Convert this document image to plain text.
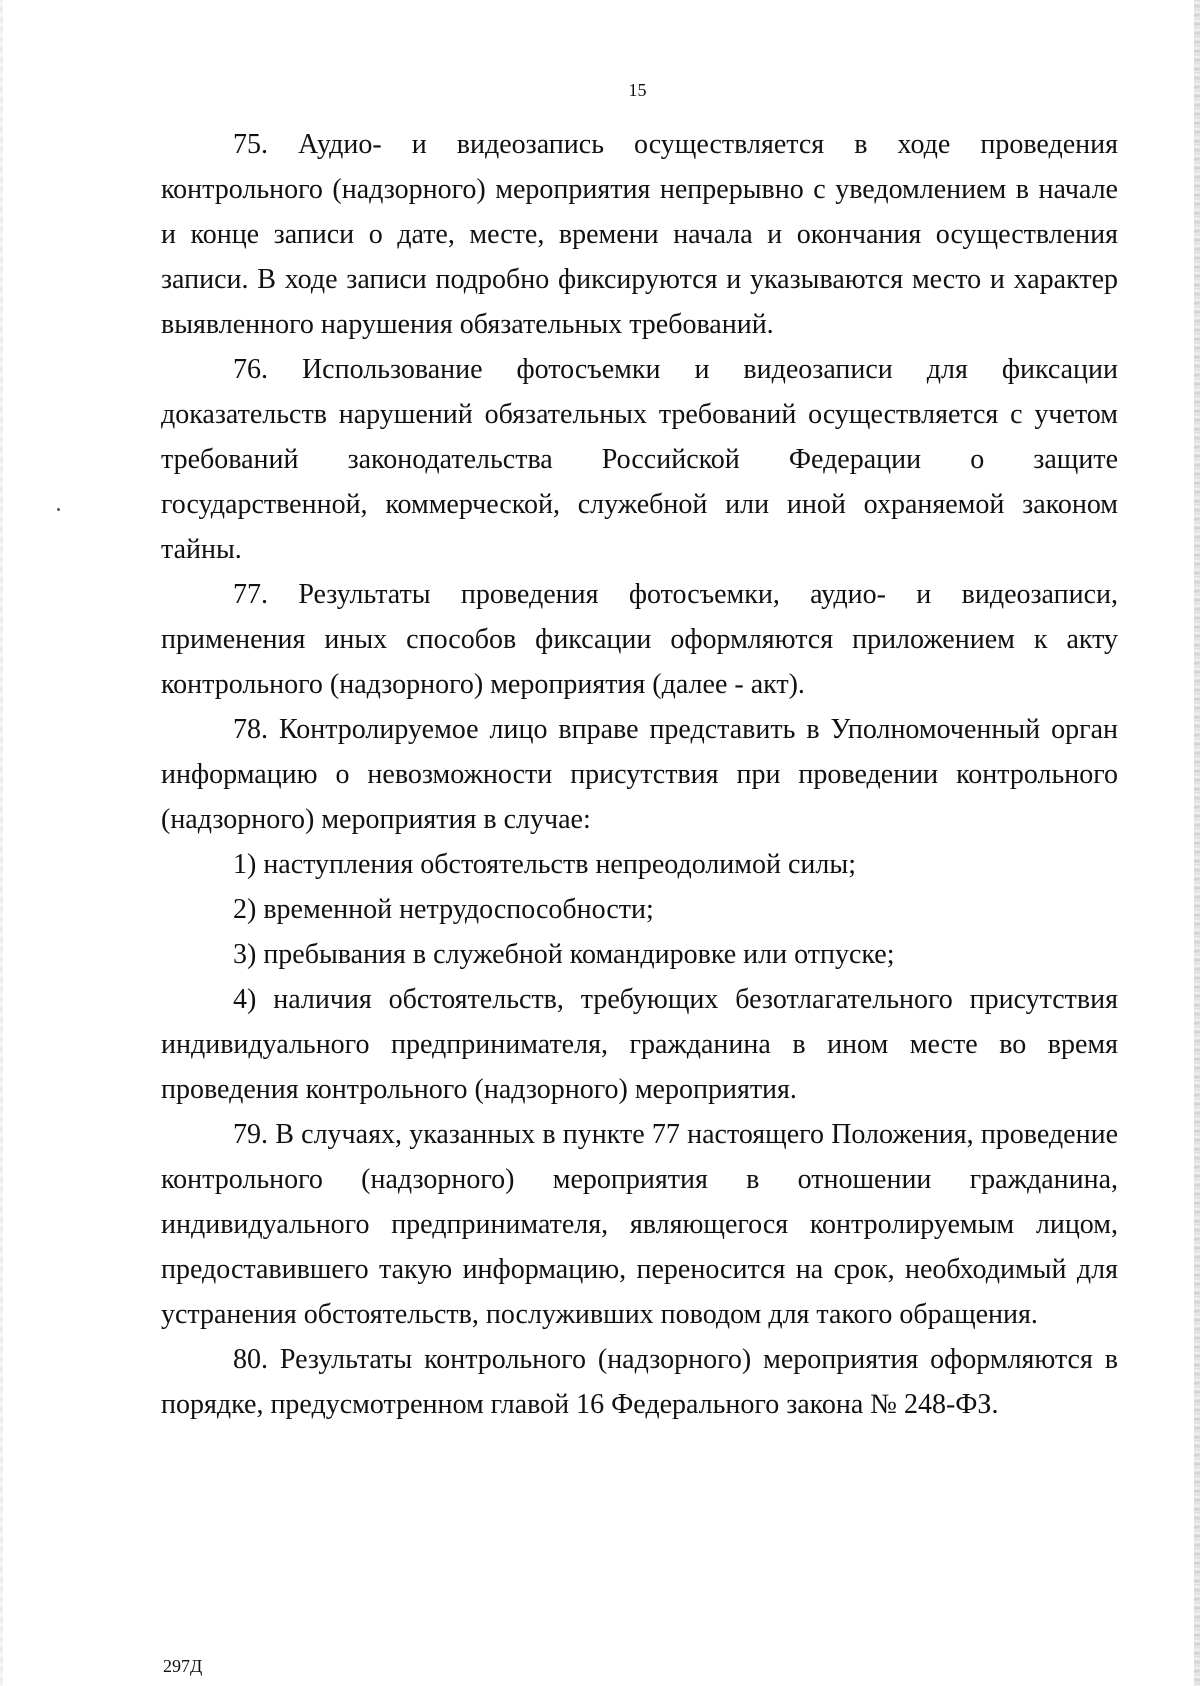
15

75. Аудио- и видеозапись осуществляется в ходе проведения контрольного (надзорного) мероприятия непрерывно с уведомлением в начале и конце записи о дате, месте, времени начала и окончания осуществления записи. В ходе записи подробно фиксируются и указываются место и характер выявленного нарушения обязательных требований.

76. Использование фотосъемки и видеозаписи для фиксации доказательств нарушений обязательных требований осуществляется с учетом требований законодательства Российской Федерации о защите государственной, коммерческой, служебной или иной охраняемой законом тайны.

77. Результаты проведения фотосъемки, аудио- и видеозаписи, применения иных способов фиксации оформляются приложением к акту контрольного (надзорного) мероприятия (далее - акт).

78. Контролируемое лицо вправе представить в Уполномоченный орган информацию о невозможности присутствия при проведении контрольного (надзорного) мероприятия в случае:

1) наступления обстоятельств непреодолимой силы;

2) временной нетрудоспособности;

3) пребывания в служебной командировке или отпуске;

4) наличия обстоятельств, требующих безотлагательного присутствия индивидуального предпринимателя, гражданина в ином месте во время проведения контрольного (надзорного) мероприятия.

79. В случаях, указанных в пункте 77 настоящего Положения, проведение контрольного (надзорного) мероприятия в отношении гражданина, индивидуального предпринимателя, являющегося контролируемым лицом, предоставившего такую информацию, переносится на срок, необходимый для устранения обстоятельств, послуживших поводом для такого обращения.

80. Результаты контрольного (надзорного) мероприятия оформляются в порядке, предусмотренном главой 16 Федерального закона № 248-ФЗ.

297Д
